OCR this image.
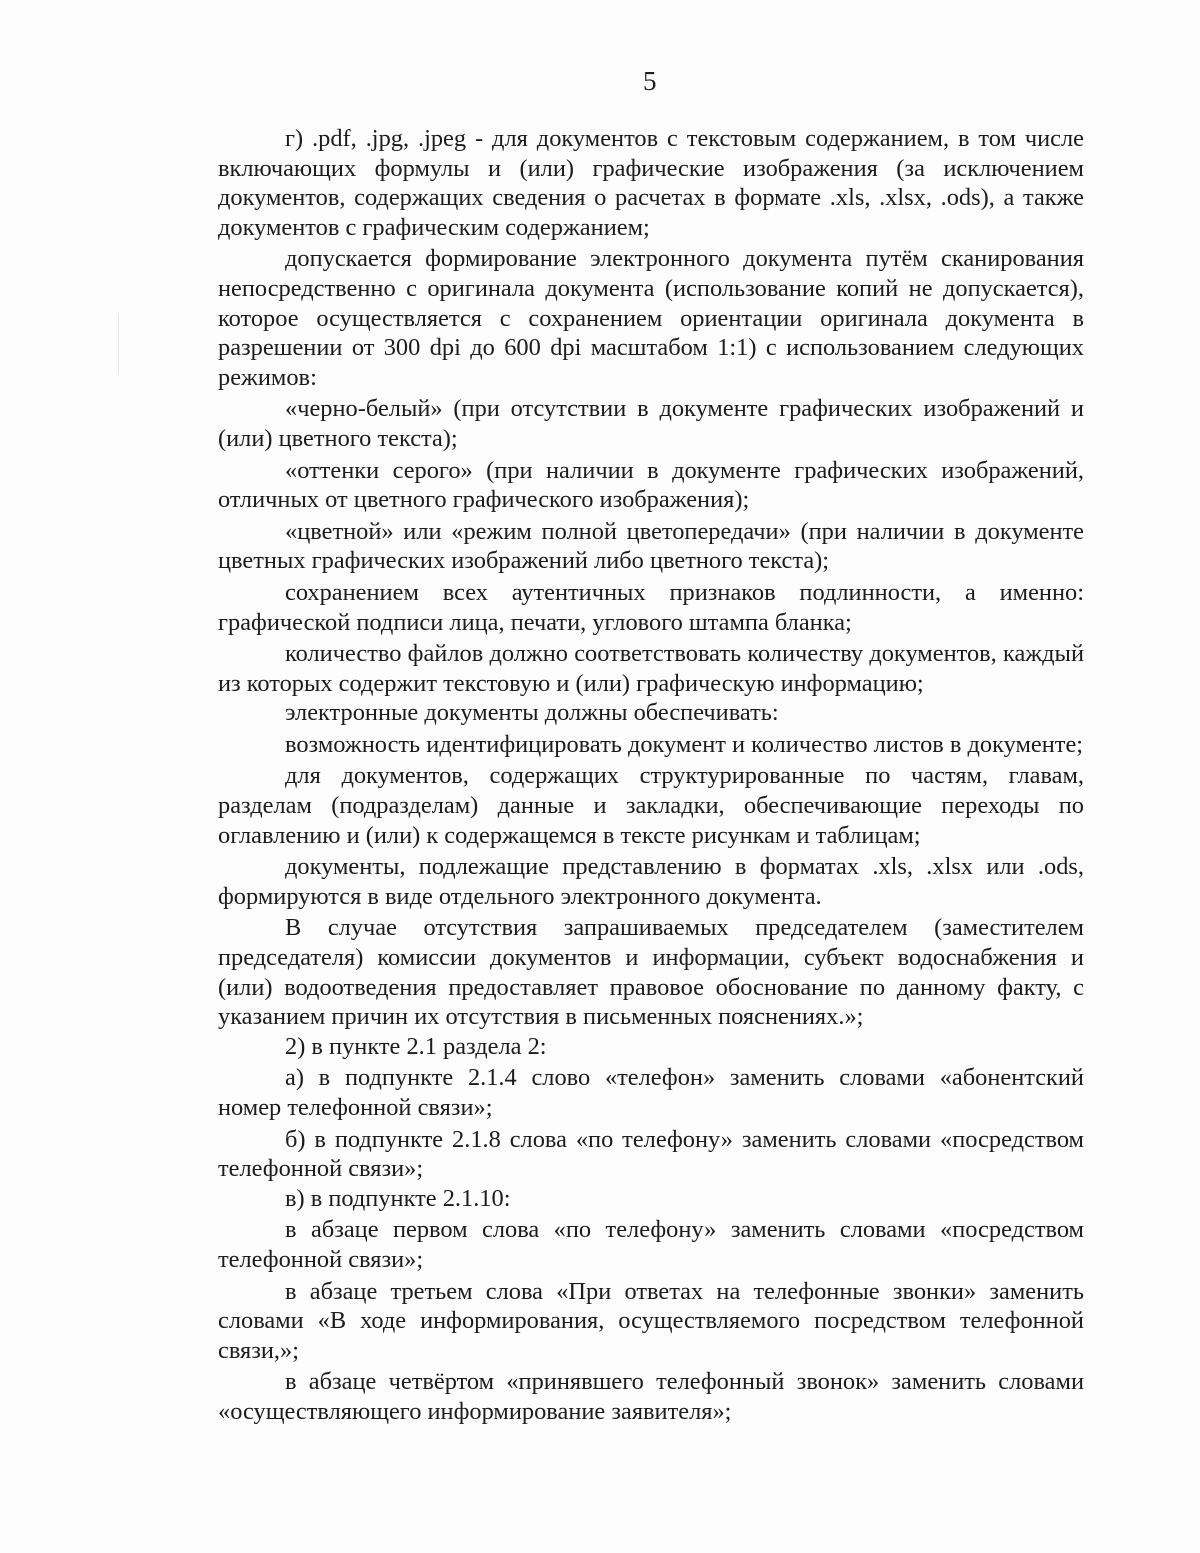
5

г) .pdf, .jpg, .jpeg - для документов с текстовым содержанием, в том числе включающих формулы и (или) графические изображения (за исключением документов, содержащих сведения о расчетах в формате .xls, .xlsx, .ods), а также документов с графическим содержанием;

допускается формирование электронного документа путём сканирования непосредственно с оригинала документа (использование копий не допускается), которое осуществляется с сохранением ориентации оригинала документа в разрешении от 300 dpi до 600 dpi масштабом 1:1) с использованием следующих режимов:

«черно-белый» (при отсутствии в документе графических изображений и (или) цветного текста);

«оттенки серого» (при наличии в документе графических изображений, отличных от цветного графического изображения);

«цветной» или «режим полной цветопередачи» (при наличии в документе цветных графических изображений либо цветного текста);

сохранением всех аутентичных признаков подлинности, а именно: графической подписи лица, печати, углового штампа бланка;

количество файлов должно соответствовать количеству документов, каждый из которых содержит текстовую и (или) графическую информацию;

электронные документы должны обеспечивать:

возможность идентифицировать документ и количество листов в документе;

для документов, содержащих структурированные по частям, главам, разделам (подразделам) данные и закладки, обеспечивающие переходы по оглавлению и (или) к содержащемся в тексте рисункам и таблицам;

документы, подлежащие представлению в форматах .xls, .xlsx или .ods, формируются в виде отдельного электронного документа.

В случае отсутствия запрашиваемых председателем (заместителем председателя) комиссии документов и информации, субъект водоснабжения и (или) водоотведения предоставляет правовое обоснование по данному факту, с указанием причин их отсутствия в письменных пояснениях.»;

2) в пункте 2.1 раздела 2:

а) в подпункте 2.1.4 слово «телефон» заменить словами «абонентский номер телефонной связи»;

б) в подпункте 2.1.8 слова «по телефону» заменить словами «посредством телефонной связи»;

в) в подпункте 2.1.10:

в абзаце первом слова «по телефону» заменить словами «посредством телефонной связи»;

в абзаце третьем слова «При ответах на телефонные звонки» заменить словами «В ходе информирования, осуществляемого посредством телефонной связи,»;

в абзаце четвёртом «принявшего телефонный звонок» заменить словами «осуществляющего информирование заявителя»;
